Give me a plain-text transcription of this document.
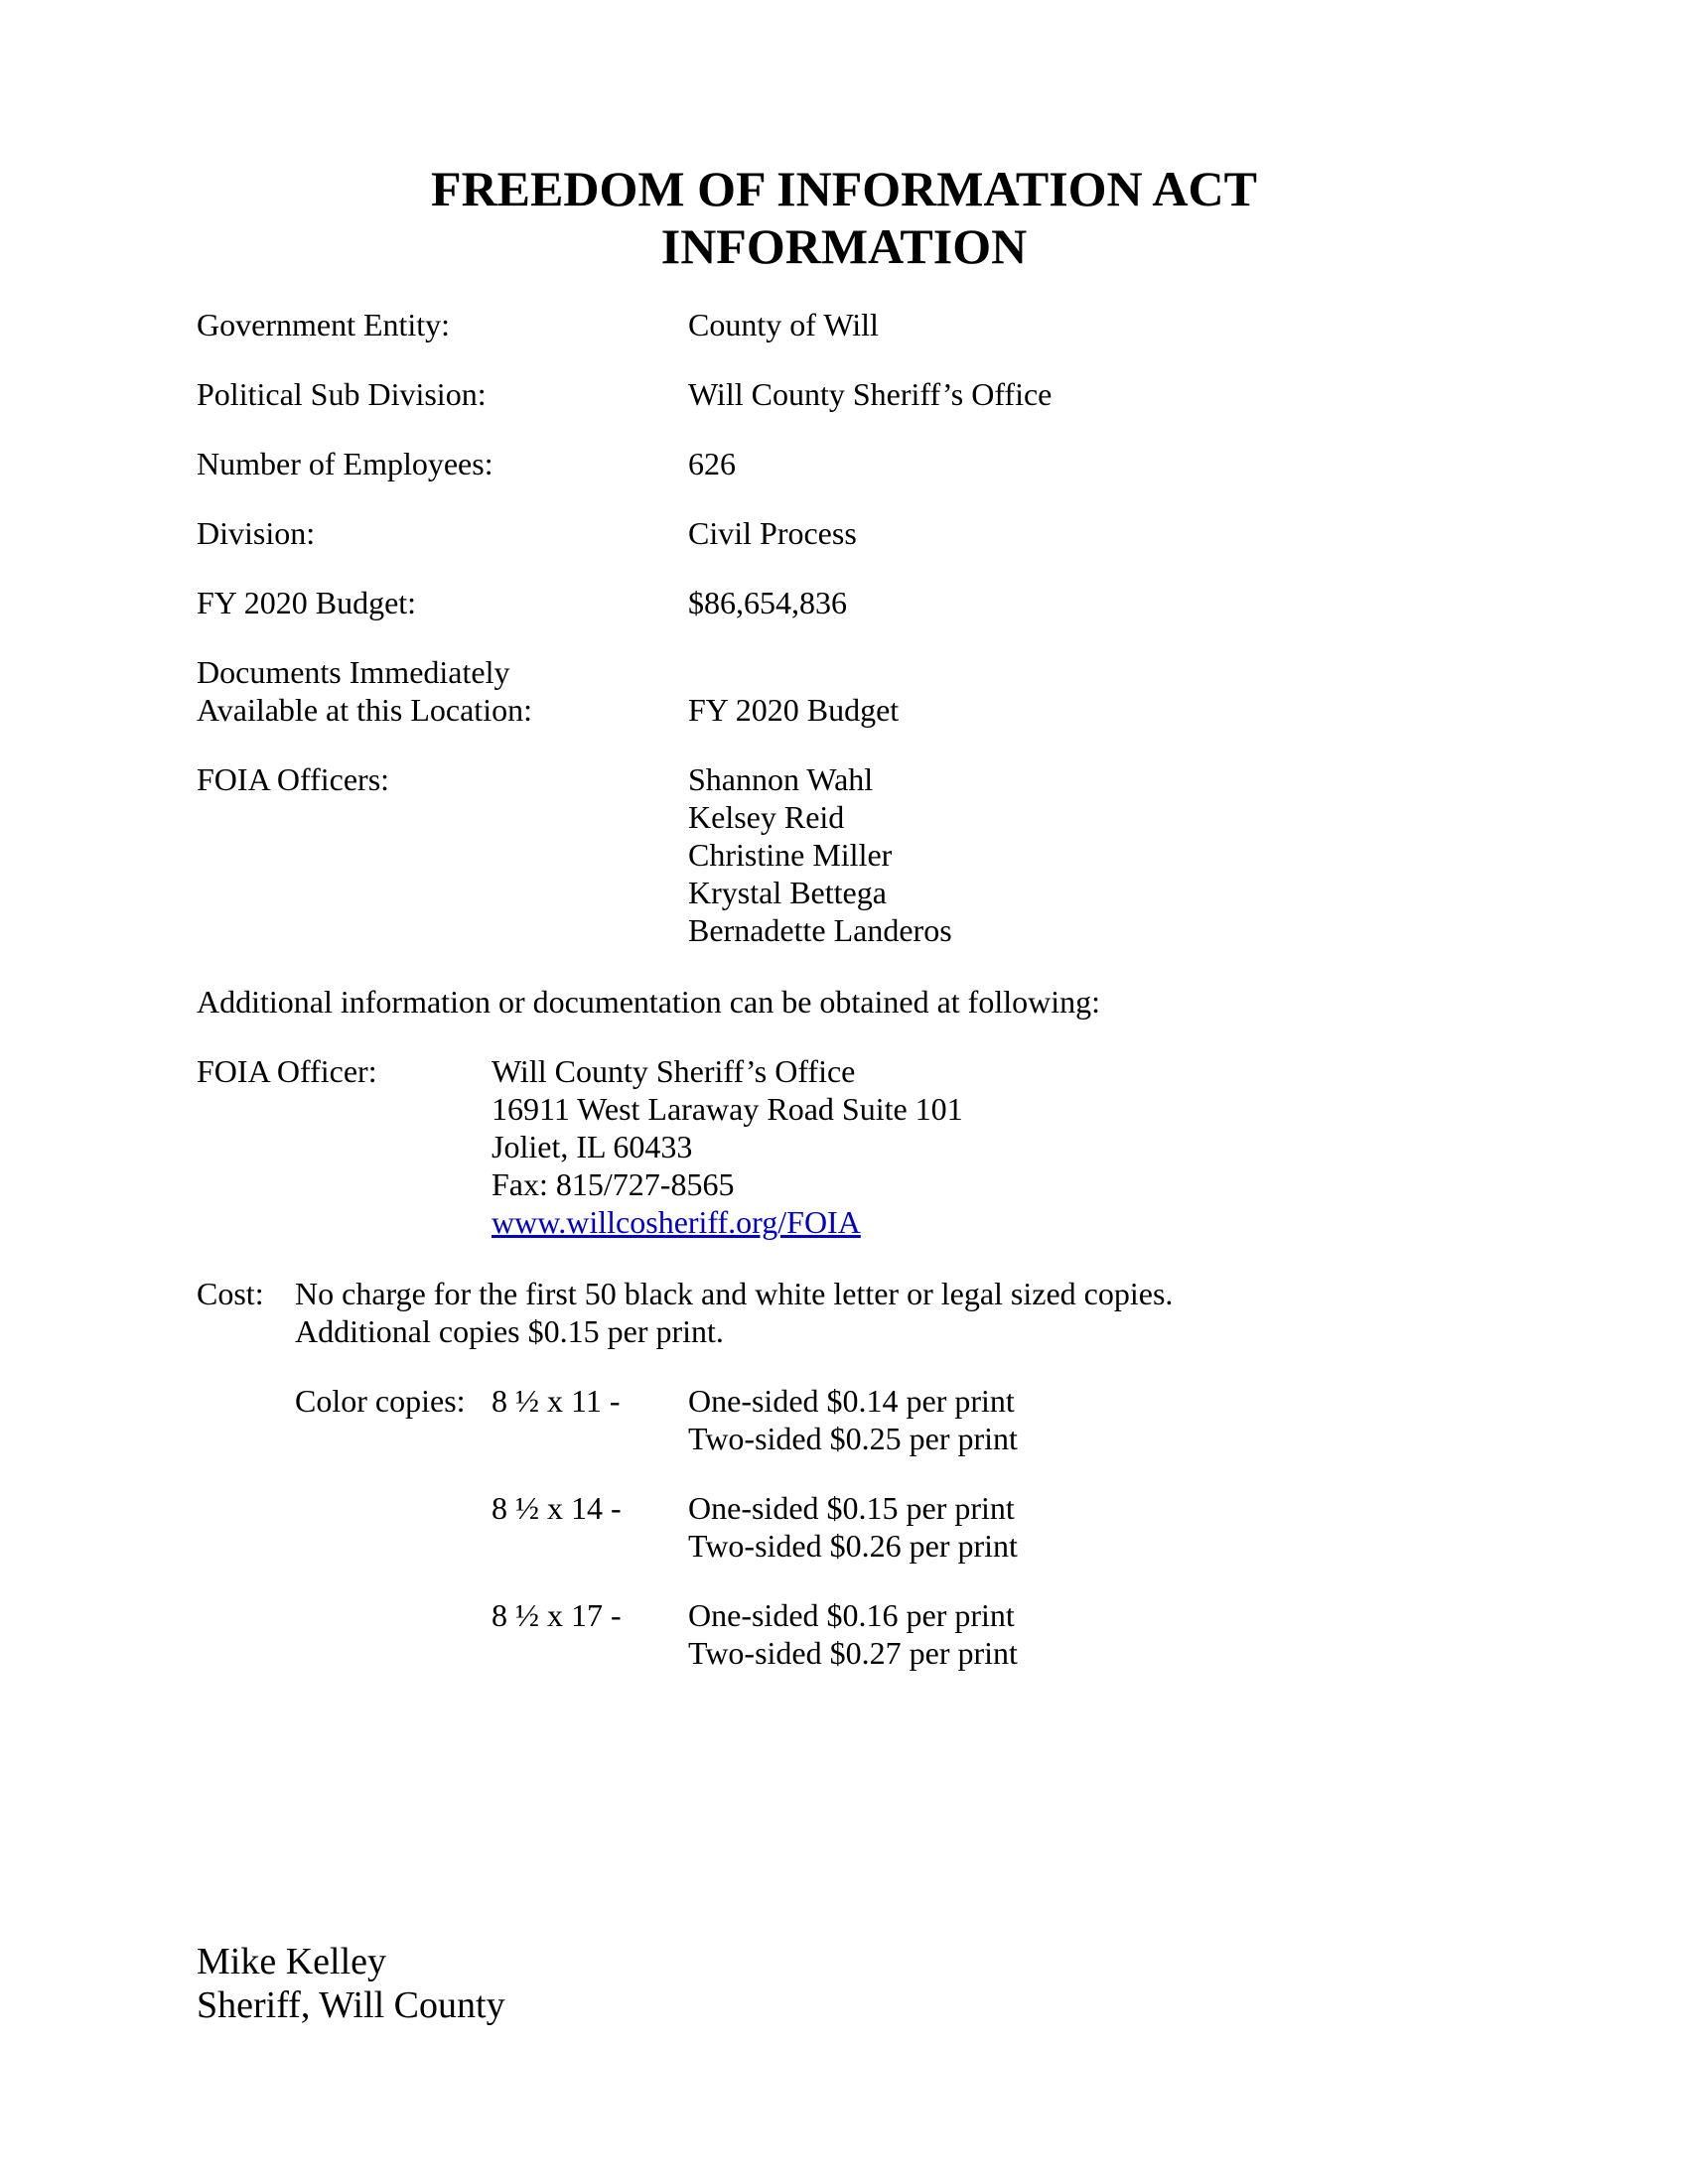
FREEDOM OF INFORMATION ACT
INFORMATION
Government Entity:	County of Will
Political Sub Division:	Will County Sheriff’s Office
Number of Employees:	626
Division:	Civil Process
FY 2020 Budget:	$86,654,836
Documents Immediately
Available at this Location:	FY 2020 Budget
FOIA Officers:	Shannon Wahl
Kelsey Reid
Christine Miller
Krystal Bettega
Bernadette Landeros
Additional information or documentation can be obtained at following:
FOIA Officer:	Will County Sheriff’s Office
16911 West Laraway Road Suite 101
Joliet, IL 60433
Fax: 815/727-8565
www.willcosheriff.org/FOIA
Cost: No charge for the first 50 black and white letter or legal sized copies.
Additional copies $0.15 per print.
Color copies: 8 ½ x 11 - One-sided $0.14 per print
Two-sided $0.25 per print
8 ½ x 14 - One-sided $0.15 per print
Two-sided $0.26 per print
8 ½ x 17 - One-sided $0.16 per print
Two-sided $0.27 per print
Mike Kelley
Sheriff, Will County
